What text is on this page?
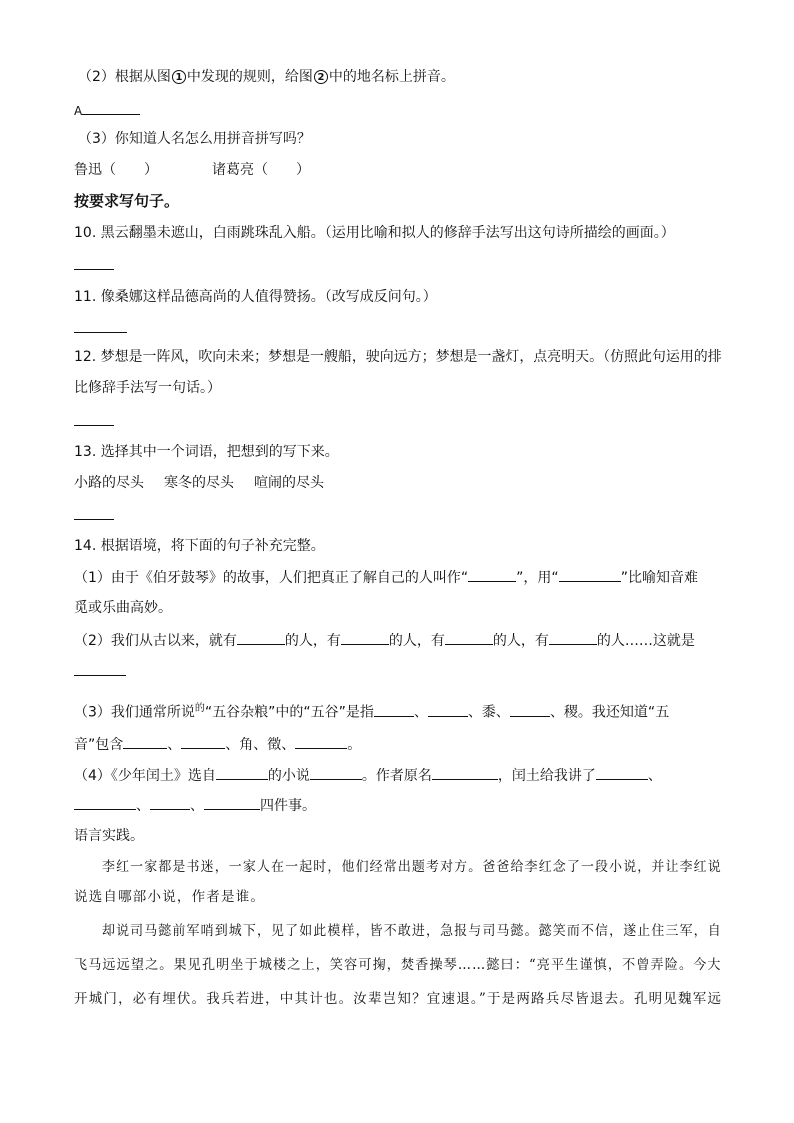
（2）根据从图 1 中发现的规则，给图 2 中的地名标上拼音。
A
（3）你知道人名怎么用拼音拼写吗？
鲁迅（　　）	诸葛亮（　　）
按要求写句子。
10. 黑云翻墨未遮山，白雨跳珠乱入船。（运用比喻和拟人的修辞手法写出这句诗所描绘的画面。）
11. 像桑娜这样品德高尚的人值得赞扬。（改写成反问句。）
12. 梦想是一阵风，吹向未来；梦想是一艘船，驶向远方；梦想是一盏灯，点亮明天。（仿照此句运用的排
比修辞手法写一句话。）
13. 选择其中一个词语，把想到的写下来。
小路的尽头 寒冬的尽头 喧闹的尽头
14. 根据语境，将下面的句子补充完整。
（1）由于《伯牙鼓琴》的故事，人们把真正了解自己的人叫作“	”，用“	”比喻知音难
觅或乐曲高妙。
（2）我们从古以来，就有	的人，有	的人，有	的人，有	的人……这就是
（3）我们通常所说$^的$“五谷杂粮”中的“五谷”是指	、	、黍、	、稷。我还知道“五
音”包含	、	、角、徵、	。
（4）《少年闰土》选自	的小说	。作者原名	，闰土给我讲了	、
、	、	四件事。
语言实践。
李红一家都是书迷，一家人在一起时，他们经常出题考对方。爸爸给李红念了一段小说，并让李红说
说选自哪部小说，作者是谁。
却说司马懿前军哨到城下，见了如此模样，皆不敢进，急报与司马懿。懿笑而不信，遂止住三军，自
飞马远远望之。果见孔明坐于城楼之上，笑容可掬，焚香操琴……懿曰：“亮平生谨慎，不曾弄险。今大
开城门，必有埋伏。我兵若进，中其计也。汝辈岂知？宜速退。”于是两路兵尽皆退去。孔明见魏军远
